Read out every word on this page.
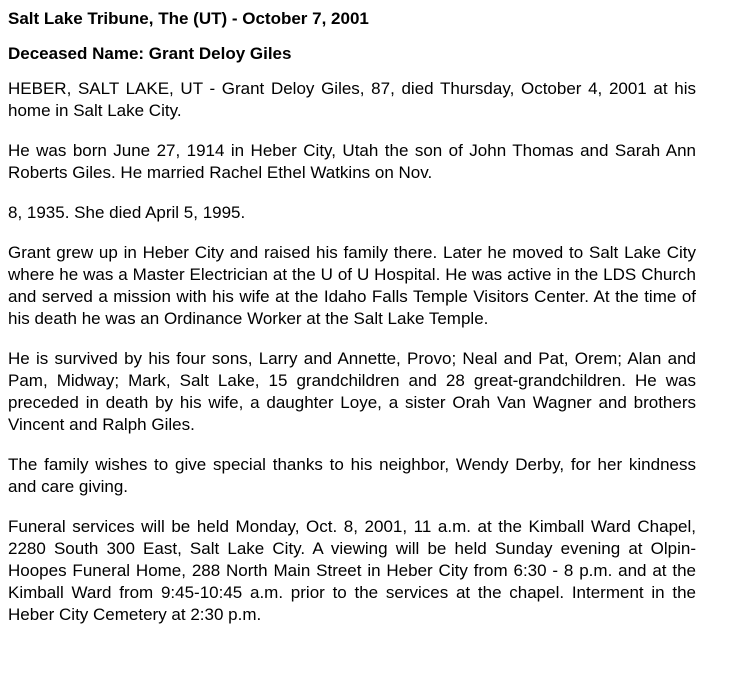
Salt Lake Tribune, The (UT) - October 7, 2001

Deceased Name: Grant Deloy Giles

HEBER, SALT LAKE, UT - Grant Deloy Giles, 87, died Thursday, October 4, 2001 at his home in Salt Lake City.

He was born June 27, 1914 in Heber City, Utah the son of John Thomas and Sarah Ann Roberts Giles. He married Rachel Ethel Watkins on Nov.

8, 1935. She died April 5, 1995.

Grant grew up in Heber City and raised his family there. Later he moved to Salt Lake City where he was a Master Electrician at the U of U Hospital. He was active in the LDS Church and served a mission with his wife at the Idaho Falls Temple Visitors Center. At the time of his death he was an Ordinance Worker at the Salt Lake Temple.

He is survived by his four sons, Larry and Annette, Provo; Neal and Pat, Orem; Alan and Pam, Midway; Mark, Salt Lake, 15 grandchildren and 28 great-grandchildren. He was preceded in death by his wife, a daughter Loye, a sister Orah Van Wagner and brothers Vincent and Ralph Giles.

The family wishes to give special thanks to his neighbor, Wendy Derby, for her kindness and care giving.

Funeral services will be held Monday, Oct. 8, 2001, 11 a.m. at the Kimball Ward Chapel, 2280 South 300 East, Salt Lake City. A viewing will be held Sunday evening at Olpin-Hoopes Funeral Home, 288 North Main Street in Heber City from 6:30 - 8 p.m. and at the Kimball Ward from 9:45-10:45 a.m. prior to the services at the chapel. Interment in the Heber City Cemetery at 2:30 p.m.
